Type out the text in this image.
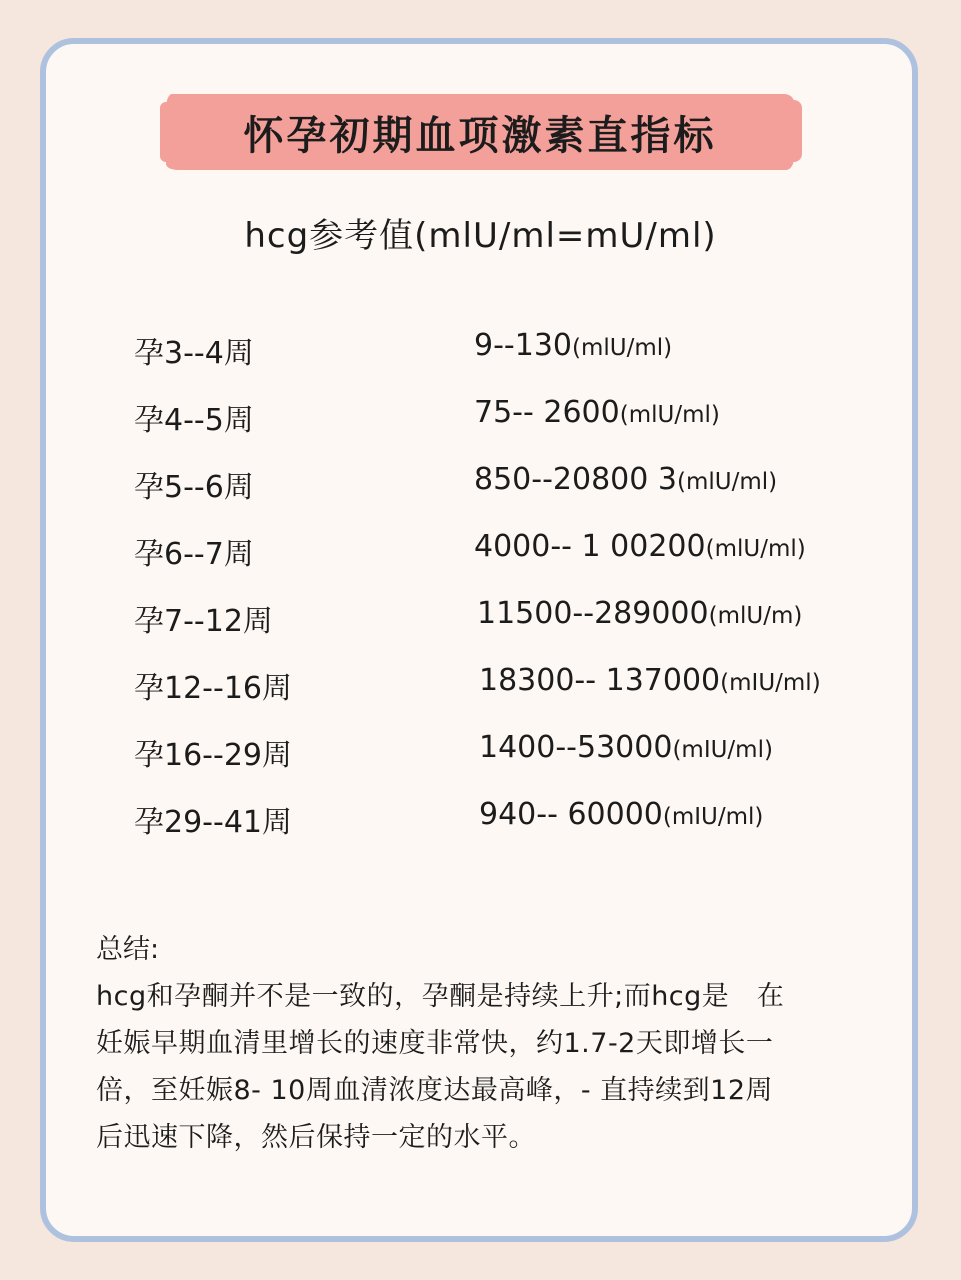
怀孕初期血项激素直指标
hcg参考值(mlU/ml=mU/ml)
孕3--4周	9--130(mlU/ml)
孕4--5周	75-- 2600(mlU/ml)
孕5--6周	850--20800 3(mlU/ml)
孕6--7周	4000-- 1 00200(mlU/ml)
孕7--12周	11500--289000(mlU/m)
孕12--16周	18300-- 137000(mIU/ml)
孕16--29周	1400--53000(mIU/ml)
孕29--41周	940-- 60000(mIU/ml)
总结:
hcg和孕酮并不是一致的，孕酮是持续上升;而hcg是　在
妊娠早期血清里增长的速度非常快，约1.7-2天即增长一
倍，至妊娠8- 10周血清浓度达最高峰，- 直持续到12周
后迅速下降，然后保持一定的水平。
